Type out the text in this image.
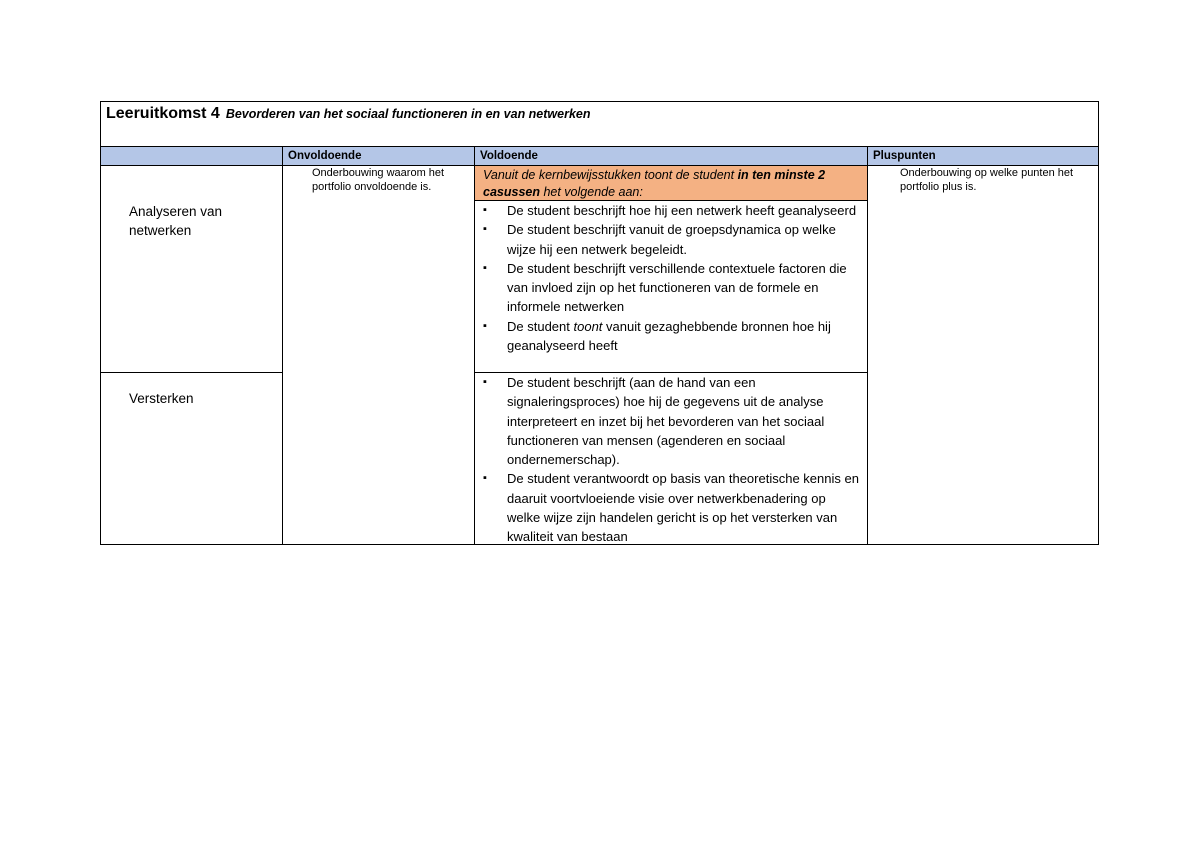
Leeruitkomst 4 Bevorderen van het sociaal functioneren in en van netwerken
Onvoldoende	Voldoende	Pluspunten
Analyseren van netwerken
Versterken
Onderbouwing waarom het portfolio onvoldoende is.
Onderbouwing op welke punten het portfolio plus is.
Vanuit de kernbewijsstukken toont de student in ten minste 2 casussen het volgende aan:
▪ De student beschrijft hoe hij een netwerk heeft geanalyseerd
▪ De student beschrijft vanuit de groepsdynamica op welke wijze hij een netwerk begeleidt.
▪ De student beschrijft verschillende contextuele factoren die van invloed zijn op het functioneren van de formele en informele netwerken
▪ De student toont vanuit gezaghebbende bronnen hoe hij geanalyseerd heeft
▪ De student beschrijft (aan de hand van een signaleringsproces) hoe hij de gegevens uit de analyse interpreteert en inzet bij het bevorderen van het sociaal functioneren van mensen (agenderen en sociaal ondernemerschap).
▪ De student verantwoordt op basis van theoretische kennis en daaruit voortvloeiende visie over netwerkbenadering op welke wijze zijn handelen gericht is op het versterken van kwaliteit van bestaan
